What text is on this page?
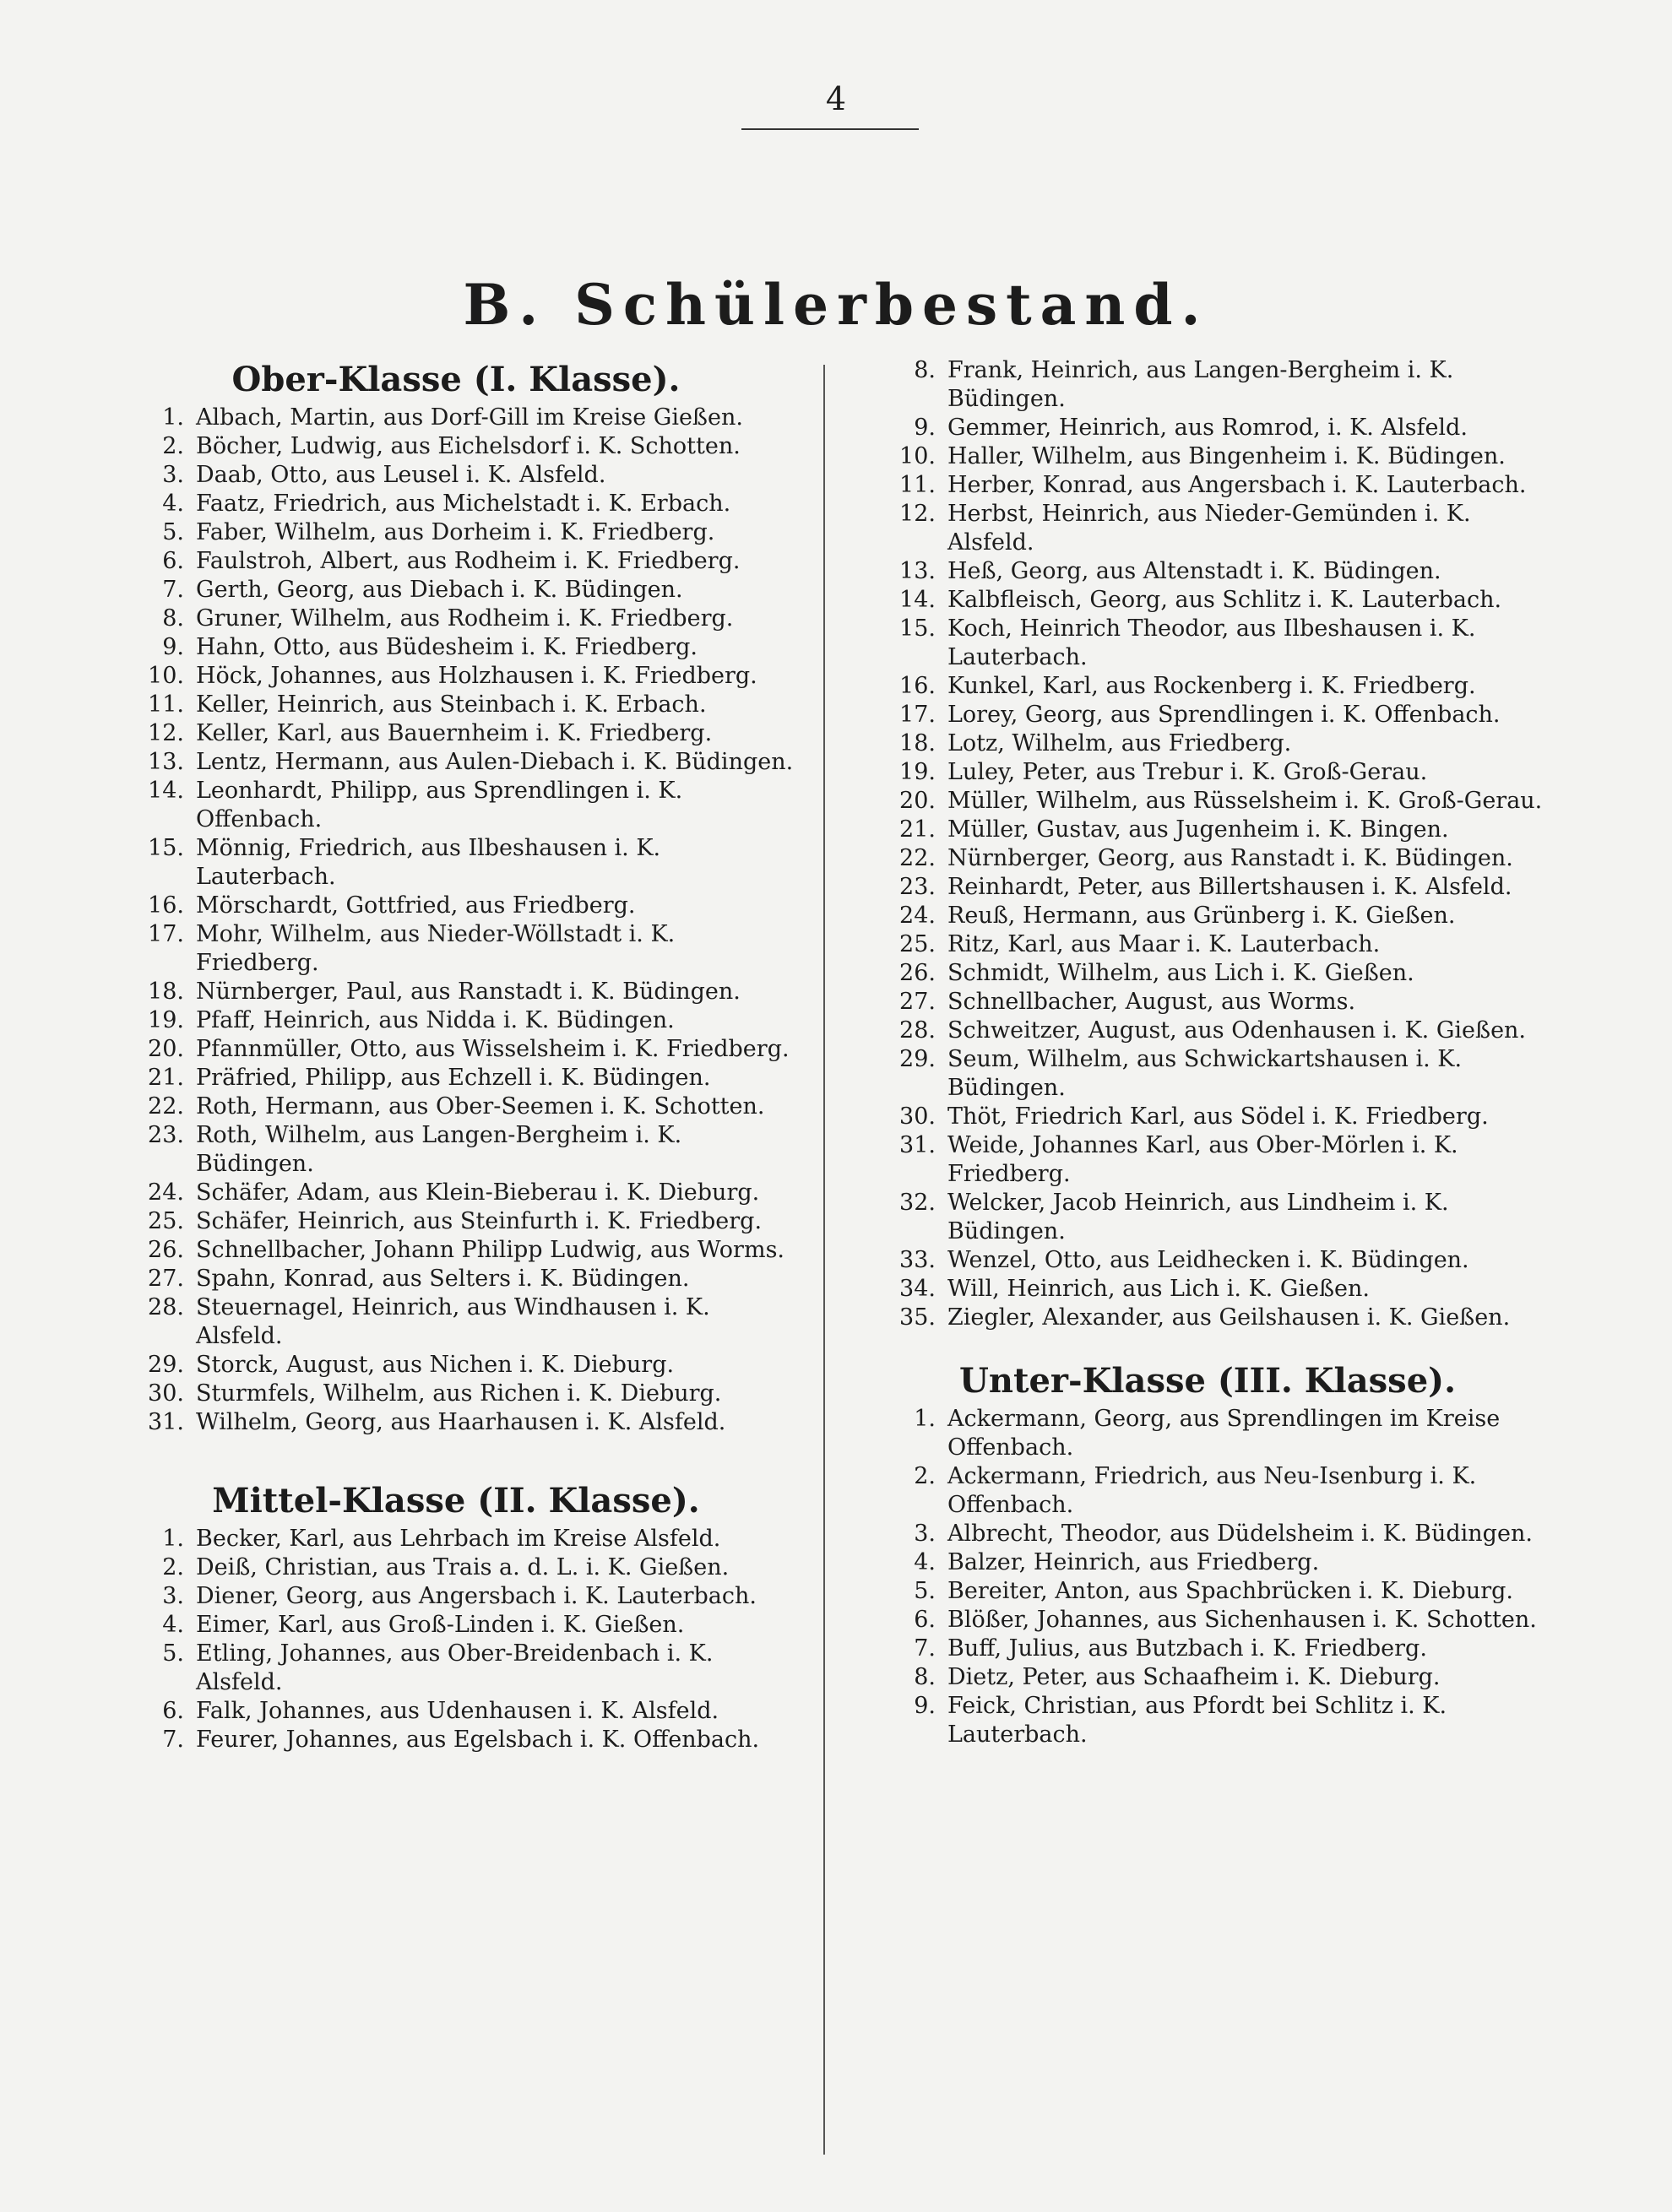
4
B. Schülerbestand.
Ober-Klasse (I. Klasse).
1. Albach, Martin, aus Dorf-Gill im Kreise Gießen.
2. Böcher, Ludwig, aus Eichelsdorf i. K. Schotten.
3. Daab, Otto, aus Leusel i. K. Alsfeld.
4. Faatz, Friedrich, aus Michelstadt i. K. Erbach.
5. Faber, Wilhelm, aus Dorheim i. K. Friedberg.
6. Faulstroh, Albert, aus Rodheim i. K. Friedberg.
7. Gerth, Georg, aus Diebach i. K. Büdingen.
8. Gruner, Wilhelm, aus Rodheim i. K. Friedberg.
9. Hahn, Otto, aus Büdesheim i. K. Friedberg.
10. Höck, Johannes, aus Holzhausen i. K. Friedberg.
11. Keller, Heinrich, aus Steinbach i. K. Erbach.
12. Keller, Karl, aus Bauernheim i. K. Friedberg.
13. Lentz, Hermann, aus Aulen-Diebach i. K. Büdingen.
14. Leonhardt, Philipp, aus Sprendlingen i. K. Offenbach.
15. Mönnig, Friedrich, aus Ilbeshausen i. K. Lauterbach.
16. Mörschardt, Gottfried, aus Friedberg.
17. Mohr, Wilhelm, aus Nieder-Wöllstadt i. K. Friedberg.
18. Nürnberger, Paul, aus Ranstadt i. K. Büdingen.
19. Pfaff, Heinrich, aus Nidda i. K. Büdingen.
20. Pfannmüller, Otto, aus Wisselsheim i. K. Friedberg.
21. Präfried, Philipp, aus Echzell i. K. Büdingen.
22. Roth, Hermann, aus Ober-Seemen i. K. Schotten.
23. Roth, Wilhelm, aus Langen-Bergheim i. K. Büdingen.
24. Schäfer, Adam, aus Klein-Bieberau i. K. Dieburg.
25. Schäfer, Heinrich, aus Steinfurth i. K. Friedberg.
26. Schnellbacher, Johann Philipp Ludwig, aus Worms.
27. Spahn, Konrad, aus Selters i. K. Büdingen.
28. Steuernagel, Heinrich, aus Windhausen i. K. Alsfeld.
29. Storck, August, aus Nichen i. K. Dieburg.
30. Sturmfels, Wilhelm, aus Richen i. K. Dieburg.
31. Wilhelm, Georg, aus Haarhausen i. K. Alsfeld.
Mittel-Klasse (II. Klasse).
1. Becker, Karl, aus Lehrbach im Kreise Alsfeld.
2. Deiß, Christian, aus Trais a. d. L. i. K. Gießen.
3. Diener, Georg, aus Angersbach i. K. Lauterbach.
4. Eimer, Karl, aus Groß-Linden i. K. Gießen.
5. Etling, Johannes, aus Ober-Breidenbach i. K. Alsfeld.
6. Falk, Johannes, aus Udenhausen i. K. Alsfeld.
7. Feurer, Johannes, aus Egelsbach i. K. Offenbach.
8. Frank, Heinrich, aus Langen-Bergheim i. K. Büdingen.
9. Gemmer, Heinrich, aus Romrod, i. K. Alsfeld.
10. Haller, Wilhelm, aus Bingenheim i. K. Büdingen.
11. Herber, Konrad, aus Angersbach i. K. Lauterbach.
12. Herbst, Heinrich, aus Nieder-Gemünden i. K. Alsfeld.
13. Heß, Georg, aus Altenstadt i. K. Büdingen.
14. Kalbfleisch, Georg, aus Schlitz i. K. Lauterbach.
15. Koch, Heinrich Theodor, aus Ilbeshausen i. K. Lauterbach.
16. Kunkel, Karl, aus Rockenberg i. K. Friedberg.
17. Lorey, Georg, aus Sprendlingen i. K. Offenbach.
18. Lotz, Wilhelm, aus Friedberg.
19. Luley, Peter, aus Trebur i. K. Groß-Gerau.
20. Müller, Wilhelm, aus Rüsselsheim i. K. Groß-Gerau.
21. Müller, Gustav, aus Jugenheim i. K. Bingen.
22. Nürnberger, Georg, aus Ranstadt i. K. Büdingen.
23. Reinhardt, Peter, aus Billertshausen i. K. Alsfeld.
24. Reuß, Hermann, aus Grünberg i. K. Gießen.
25. Ritz, Karl, aus Maar i. K. Lauterbach.
26. Schmidt, Wilhelm, aus Lich i. K. Gießen.
27. Schnellbacher, August, aus Worms.
28. Schweitzer, August, aus Odenhausen i. K. Gießen.
29. Seum, Wilhelm, aus Schwickartshausen i. K. Büdingen.
30. Thöt, Friedrich Karl, aus Södel i. K. Friedberg.
31. Weide, Johannes Karl, aus Ober-Mörlen i. K. Friedberg.
32. Welcker, Jacob Heinrich, aus Lindheim i. K. Büdingen.
33. Wenzel, Otto, aus Leidhecken i. K. Büdingen.
34. Will, Heinrich, aus Lich i. K. Gießen.
35. Ziegler, Alexander, aus Geilshausen i. K. Gießen.
Unter-Klasse (III. Klasse).
1. Ackermann, Georg, aus Sprendlingen im Kreise Offenbach.
2. Ackermann, Friedrich, aus Neu-Isenburg i. K. Offenbach.
3. Albrecht, Theodor, aus Düdelsheim i. K. Büdingen.
4. Balzer, Heinrich, aus Friedberg.
5. Bereiter, Anton, aus Spachbrücken i. K. Dieburg.
6. Blößer, Johannes, aus Sichenhausen i. K. Schotten.
7. Buff, Julius, aus Butzbach i. K. Friedberg.
8. Dietz, Peter, aus Schaafheim i. K. Dieburg.
9. Feick, Christian, aus Pfordt bei Schlitz i. K. Lauterbach.
